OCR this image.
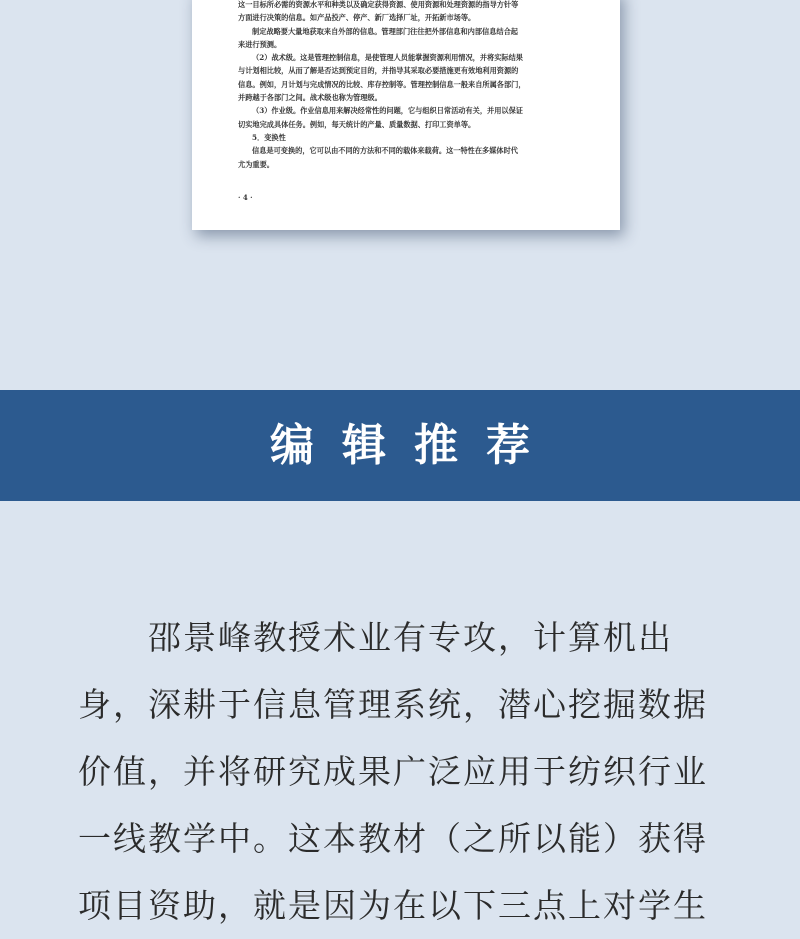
这一目标所必需的资源水平和种类以及确定获得资源、使用资源和处理资源的指导方针等

方面进行决策的信息。如产品投产、停产、新厂选择厂址，开拓新市场等。

制定战略要大量地获取来自外部的信息。管理部门往往把外部信息和内部信息结合起

来进行预测。

（2）战术级。这是管理控制信息，是使管理人员能掌握资源利用情况，并将实际结果

与计划相比较，从而了解是否达到预定目的，并指导其采取必要措施更有效地利用资源的

信息。例如，月计划与完成情况的比较、库存控制等。管理控制信息一般来自所属各部门，

并跨越于各部门之间。战术级也称为管理级。

（3）作业级。作业信息用来解决经常性的问题，它与组织日常活动有关，并用以保证

切实地完成具体任务。例如，每天统计的产量、质量数据、打印工资单等。

5．变换性

信息是可变换的，它可以由不同的方法和不同的载体来载荷。这一特性在多媒体时代

尤为重要。

· 4 ·
编辑推荐

　　邵景峰教授术业有专攻，计算机出

身，深耕于信息管理系统，潜心挖掘数据

价值，并将研究成果广泛应用于纺织行业

一线教学中。这本教材（之所以能）获得

项目资助，就是因为在以下三点上对学生
